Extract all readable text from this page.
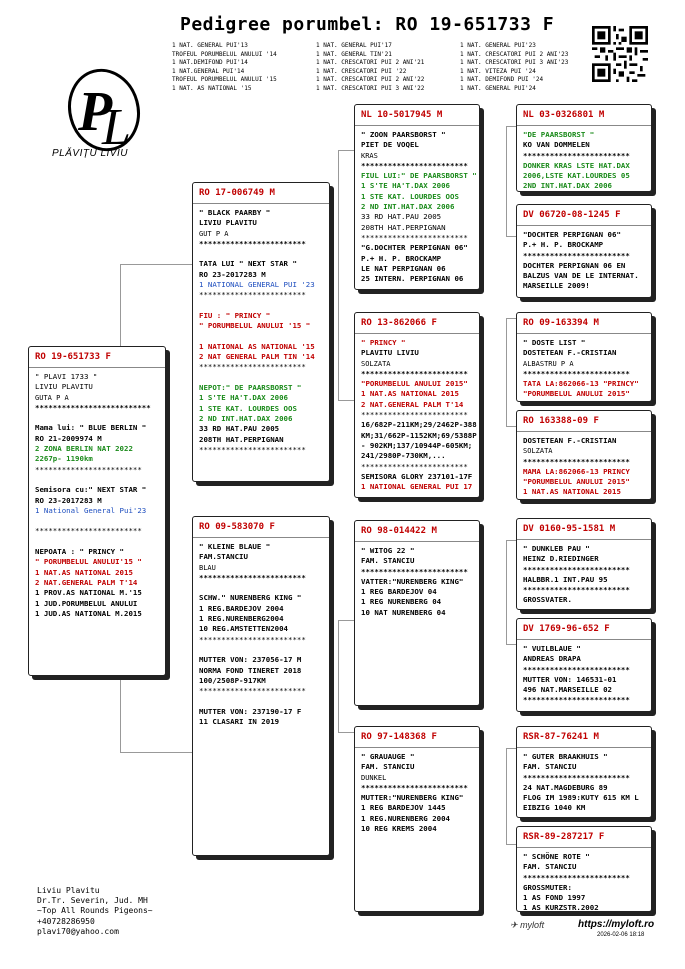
Pedigree porumbel: RO 19-651733 F
1 NAT. GENERAL PUI'13
TROFEUL PORUMBELUL ANULUI '14
1 NAT.DEMIFOND PUI'14
1 NAT.GENERAL PUI'14
TROFEUL PORUMBELUL ANULUI '15
1 NAT. AS NATIONAL '15
1 NAT. GENERAL PUI'17
1 NAT. GENERAL TIN'21
1 NAT. CRESCATORI PUI 2 ANI'21
1 NAT. CRESCATORI PUI '22
1 NAT. CRESCATORI PUI 2 ANI'22
1 NAT. CRESCATORI PUI 3 ANI'22
1 NAT. GENERAL PUI'23
1 NAT. CRESCATORI PUI 2 ANI'23
1 NAT. CRESCATORI PUI 3 ANI'23
1 NAT. VITEZA PUI '24
1 NAT. DEMIFOND PUI '24
1 NAT. GENERAL PUI'24
P
L
PLĂVIȚU LIVIU
RO 19-651733 F
" PLAVI 1733 "
LIVIU PLAVITU
GUTA P A
**************************

Mama lui: " BLUE BERLIN "
RO 21-2009974 M
2 ZONA BERLIN NAT 2022
2267p- 1190km
************************

Semisora cu:" NEXT STAR "
RO 23-2017283 M
1 National General Pui'23

************************

NEPOATA : " PRINCY "
" PORUMBELUL ANULUI'15 "
1 NAT.AS NATIONAL 2015
2 NAT.GENERAL PALM T'14
1 PROV.AS NATIONAL M.'15
1 JUD.PORUMBELUL ANULUI
1 JUD.AS NATIONAL M.2015
RO 17-006749 M
" BLACK PAARBY "
LIVIU PLAVITU
GUT P A
************************

TATA LUI " NEXT STAR "
RO 23-2017283 M
1 NATIONAL GENERAL PUI '23
************************

FIU : " PRINCY "
" PORUMBELUL ANULUI '15 "

1 NATIONAL AS NATIONAL '15
2 NAT GENERAL PALM TIN '14
************************

NEPOT:" DE PAARSBORST "
1 S'TE HA'T.DAX 2006
1 STE KAT. LOURDES OOS
2 ND INT.HAT.DAX 2006
33 RD HAT.PAU 2005
208TH HAT.PERPIGNAN
************************
RO 09-583070 F
" KLEINE BLAUE "
FAM.STANCIU
BLAU
************************

SCHW." NURENBERG KING "
1 REG.BARDEJOV 2004
1 REG.NURENBERG2004
10 REG.AMSTETTEN2004
************************

MUTTER VON: 237056-17 M
NORMA FOND TINERET 2018
100/2508P-917KM
************************

MUTTER VON: 237190-17 F
11 CLASARI IN 2019
NL 10-5017945 M
" ZOON PAARSBORST "
PIET DE VOQEL
KRAS
************************
FIUL LUI:" DE PAARSBORST "
1 S'TE HA'T.DAX 2006
1 STE KAT. LOURDES OOS
2 ND INT.HAT.DAX 2006
33 RD HAT.PAU 2005
208TH HAT.PERPIGNAN
************************
"G.DOCHTER PERPIGNAN 06"
P.+ H. P. BROCKAMP
LE NAT PERPIGNAN 06
25 INTERN. PERPIGNAN 06
RO 13-862066 F
" PRINCY "
PLAVITU LIVIU
SOLZATA
************************
"PORUMBELUL ANULUI 2015"
1 NAT.AS NATIONAL 2015
2 NAT.GENERAL PALM T'14
************************
16/682P-211KM;29/2462P-388
KM;31/662P-1152KM;69/5388P
- 902KM;137/10944P-605KM;
241/2980P-730KM,...
************************
SEMISORA GLORY 237101-17F
1 NATIONAL GENERAL PUI 17
RO 98-014422 M
" WITOG 22 "
FAM. STANCIU
************************
VATTER:"NURENBERG KING"
1 REG BARDEJOV 04
1 REG NURENBERG 04
10 NAT NURENBERG 04
RO 97-148368 F
" GRAUAUGE "
FAM. STANCIU
DUNKEL
************************
MUTTER:"NURENBERG KING"
1 REG BARDEJOV 1445
1 REG.NURENBERG 2004
10 REG KREMS 2004
NL 03-0326801 M
"DE PAARSBORST "
KO VAN DOMMELEN
************************
DONKER KRAS LSTE HAT.DAX
2006,LSTE KAT.LOURDES 05
2ND INT.HAT.DAX 2006
DV 06720-08-1245 F
"DOCHTER PERPIGNAN 06"
P.+ H. P. BROCKAMP
************************
DOCHTER PERPIGNAN 06 EN
BALZUS VAN DE LE INTERNAT.
MARSEILLE 2009!
RO 09-163394 M
" DOSTE LIST "
DOSTETEAN F.-CRISTIAN
ALBASTRU P A
************************
TATA LA:862066-13 "PRINCY"
"PORUMBELUL ANULUI 2015"
RO 163388-09 F
DOSTETEAN F.-CRISTIAN
SOLZATA
************************
MAMA LA:862066-13 PRINCY
"PORUMBELUL ANULUI 2015"
1 NAT.AS NATIONAL 2015
DV 0160-95-1581 M
" DUNKLEB PAU "
HEINZ D.RIEDINGER
************************
HALBBR.1 INT.PAU 95
************************
GROSSVATER.
DV 1769-96-652 F
" VUILBLAUE "
ANDREAS DRAPA
************************
MUTTER VON: 146531-01
496 NAT.MARSEILLE 02
************************
RSR-87-76241 M
" GUTER BRAAKHUIS "
FAM. STANCIU
************************
24 NAT.MAGDEBURG 89
FLOG IM 1989:KUTY 615 KM L
EIBZIG 1040 KM
RSR-89-287217 F
" SCHÖNE ROTE "
FAM. STANCIU
************************
GROSSMUTER:
1 AS FOND 1997
1 AS KURZSTR.2002
Liviu Plavitu
Dr.Tr. Severin, Jud. MH
~Top All Rounds Pigeons~
+40728286950
plavi70@yahoo.com
✈ myloft	https://myloft.ro
2026-02-06 18:18
